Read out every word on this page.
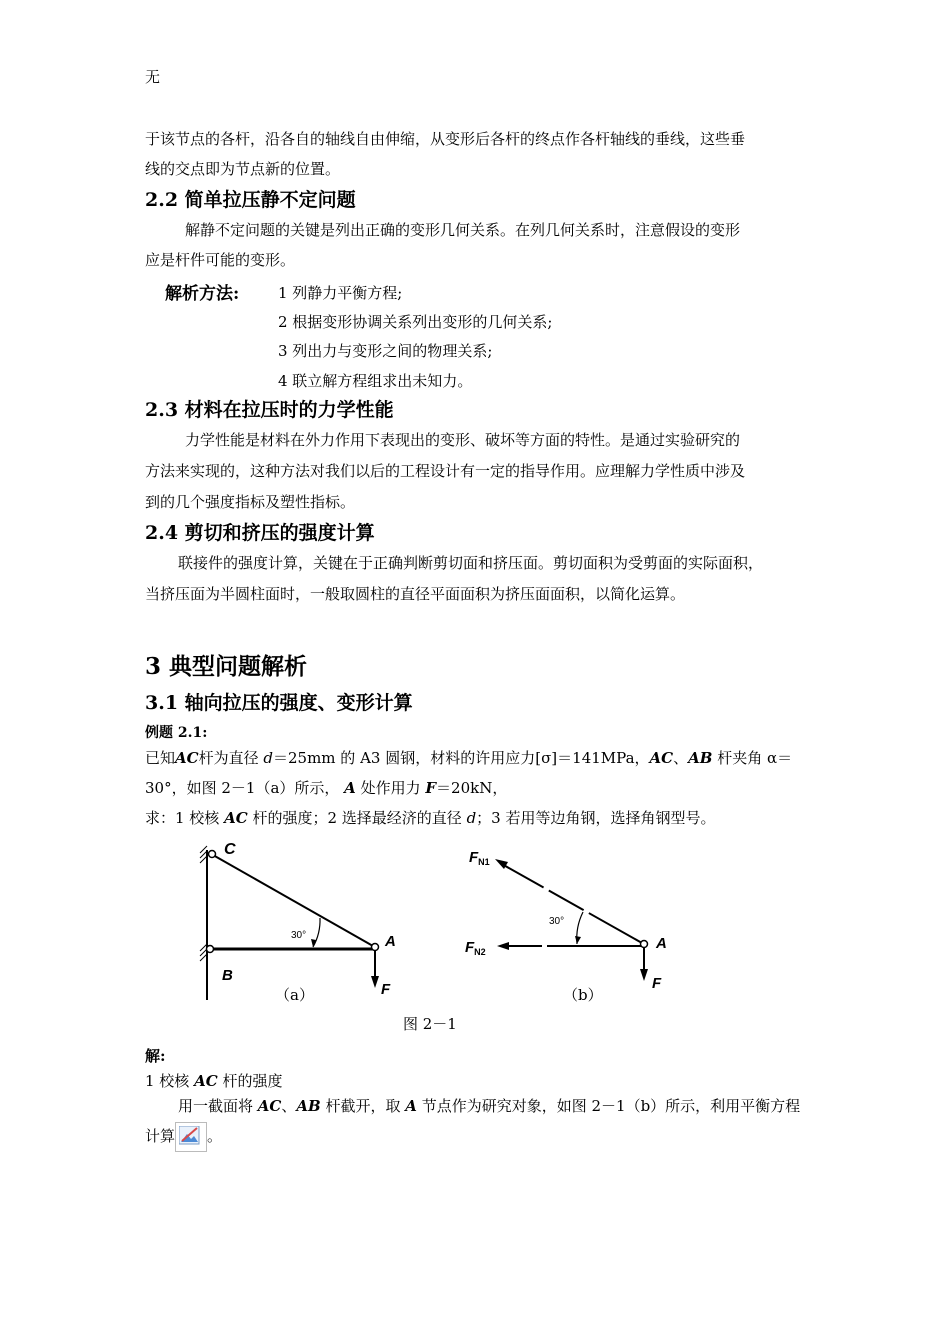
无
于该节点的各杆，沿各自的轴线自由伸缩，从变形后各杆的终点作各杆轴线的垂线，这些垂
线的交点即为节点新的位置。
2.2 简单拉压静不定问题
解静不定问题的关键是列出正确的变形几何关系。在列几何关系时，注意假设的变形
应是杆件可能的变形。
解析方法:	1 列静力平衡方程;
2 根据变形协调关系列出变形的几何关系;
3 列出力与变形之间的物理关系;
4 联立解方程组求出未知力。
2.3 材料在拉压时的力学性能
力学性能是材料在外力作用下表现出的变形、破坏等方面的特性。是通过实验研究的
方法来实现的，这种方法对我们以后的工程设计有一定的指导作用。应理解力学性质中涉及
到的几个强度指标及塑性指标。
2.4 剪切和挤压的强度计算
联接件的强度计算，关键在于正确判断剪切面和挤压面。剪切面积为受剪面的实际面积，
当挤压面为半圆柱面时，一般取圆柱的直径平面面积为挤压面面积，以简化运算。
3 典型问题解析
3.1 轴向拉压的强度、变形计算
例题 2.1:
已知AC杆为直径 d＝25mm 的 A3 圆钢，材料的许用应力[σ]＝141MPa，AC、AB 杆夹角 α＝
30°，如图 2－1（a）所示， A 处作用力 F＝20kN，
求：1 校核 AC 杆的强度；2 选择最经济的直径 d；3 若用等边角钢，选择角钢型号。
30°
C
A
B
F
（a）
30°
$F_{N1}$
$F_{N2}$	A
F
（b）
图 2－1
解:
1 校核 AC 杆的强度
用一截面将 AC、AB 杆截开，取 A 节点作为研究对象，如图 2－1（b）所示，利用平衡方程
计算 。
